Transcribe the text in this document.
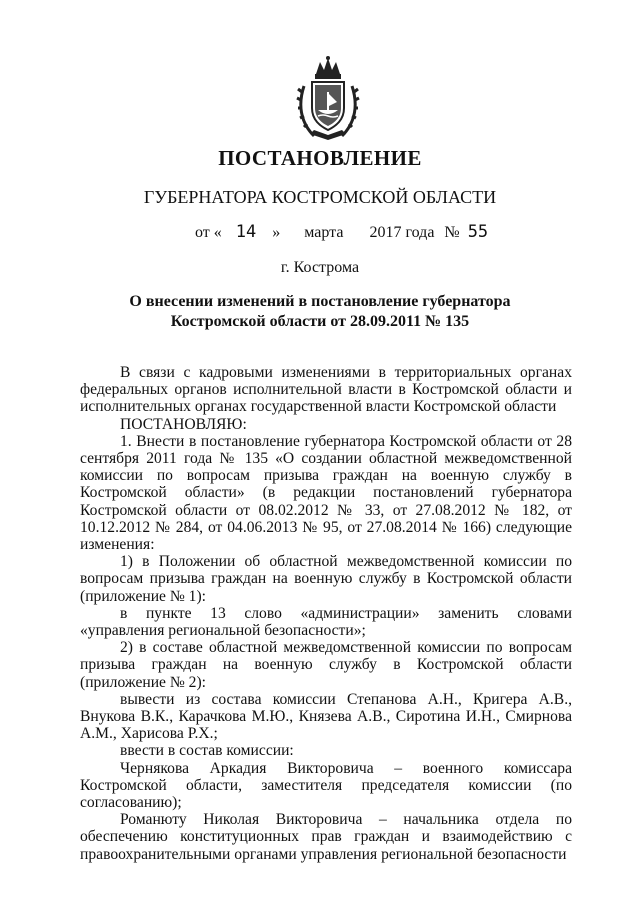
ПОСТАНОВЛЕНИЕ
ГУБЕРНАТОРА КОСТРОМСКОЙ ОБЛАСТИ
от « 14 » марта 2017 года № 55
г. Кострома
О внесении изменений в постановление губернатора
Костромской области от 28.09.2011 № 135

В связи с кадровыми изменениями в территориальных органах федеральных органов исполнительной власти в Костромской области и исполнительных органах государственной власти Костромской области

ПОСТАНОВЛЯЮ:

1. Внести в постановление губернатора Костромской области от 28 сентября 2011 года № 135 «О создании областной межведомственной комиссии по вопросам призыва граждан на военную службу в Костромской области» (в редакции постановлений губернатора Костромской области от 08.02.2012 № 33, от 27.08.2012 № 182, от 10.12.2012 № 284, от 04.06.2013 № 95, от 27.08.2014 № 166) следующие изменения:

1) в Положении об областной межведомственной комиссии по вопросам призыва граждан на военную службу в Костромской области (приложение № 1):

в пункте 13 слово «администрации» заменить словами «управления региональной безопасности»;

2) в составе областной межведомственной комиссии по вопросам призыва граждан на военную службу в Костромской области (приложение № 2):

вывести из состава комиссии Степанова А.Н., Кригера А.В., Внукова В.К., Карачкова М.Ю., Князева А.В., Сиротина И.Н., Смирнова А.М., Харисова Р.Х.;

ввести в состав комиссии:

Чернякова Аркадия Викторовича – военного комиссара Костромской области, заместителя председателя комиссии (по согласованию);

Романюту Николая Викторовича – начальника отдела по обеспечению конституционных прав граждан и взаимодействию с правоохранительными органами управления региональной безопасности
